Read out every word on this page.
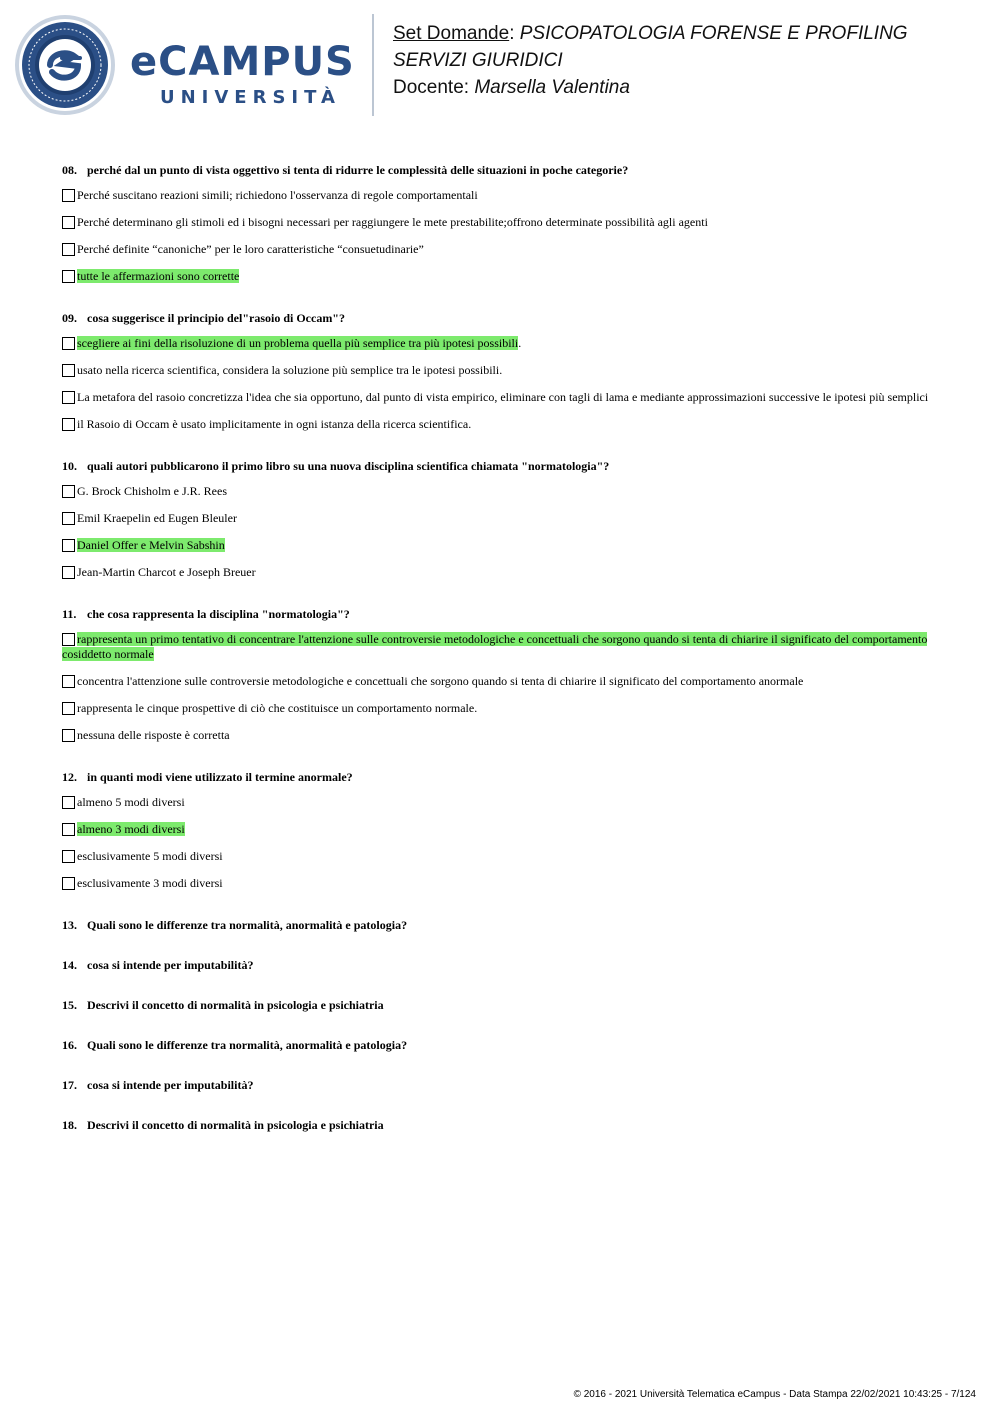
eCAMPUS
UNIVERSITÀ
Set Domande: PSICOPATOLOGIA FORENSE E PROFILING
SERVIZI GIURIDICI
Docente: Marsella Valentina
08. perché dal un punto di vista oggettivo si tenta di ridurre le complessità delle situazioni in poche categorie?
Perché suscitano reazioni simili; richiedono l'osservanza di regole comportamentali
Perché determinano gli stimoli ed i bisogni necessari per raggiungere le mete prestabilite;offrono determinate possibilità agli agenti
Perché definite “canoniche” per le loro caratteristiche “consuetudinarie”
tutte le affermazioni sono corrette
09. cosa suggerisce il principio del"rasoio di Occam"?
scegliere ai fini della risoluzione di un problema quella più semplice tra più ipotesi possibili.
usato nella ricerca scientifica, considera la soluzione più semplice tra le ipotesi possibili.
La metafora del rasoio concretizza l'idea che sia opportuno, dal punto di vista empirico, eliminare con tagli di lama e mediante approssimazioni successive le ipotesi più semplici
il Rasoio di Occam è usato implicitamente in ogni istanza della ricerca scientifica.
10. quali autori pubblicarono il primo libro su una nuova disciplina scientifica chiamata "normatologia"?
G. Brock Chisholm e J.R. Rees
Emil Kraepelin ed Eugen Bleuler
Daniel Offer e Melvin Sabshin
Jean-Martin Charcot e Joseph Breuer
11. che cosa rappresenta la disciplina "normatologia"?
rappresenta un primo tentativo di concentrare l'attenzione sulle controversie metodologiche e concettuali che sorgono quando si tenta di chiarire il significato del comportamento cosiddetto normale
concentra l'attenzione sulle controversie metodologiche e concettuali che sorgono quando si tenta di chiarire il significato del comportamento anormale
rappresenta le cinque prospettive di ciò che costituisce un comportamento normale.
nessuna delle risposte è corretta
12. in quanti modi viene utilizzato il termine anormale?
almeno 5 modi diversi
almeno 3 modi diversi
esclusivamente 5 modi diversi
esclusivamente 3 modi diversi
13. Quali sono le differenze tra normalità, anormalità e patologia?
14. cosa si intende per imputabilità?
15. Descrivi il concetto di normalità in psicologia e psichiatria
16. Quali sono le differenze tra normalità, anormalità e patologia?
17. cosa si intende per imputabilità?
18. Descrivi il concetto di normalità in psicologia e psichiatria
© 2016 - 2021 Università Telematica eCampus - Data Stampa 22/02/2021 10:43:25 - 7/124
